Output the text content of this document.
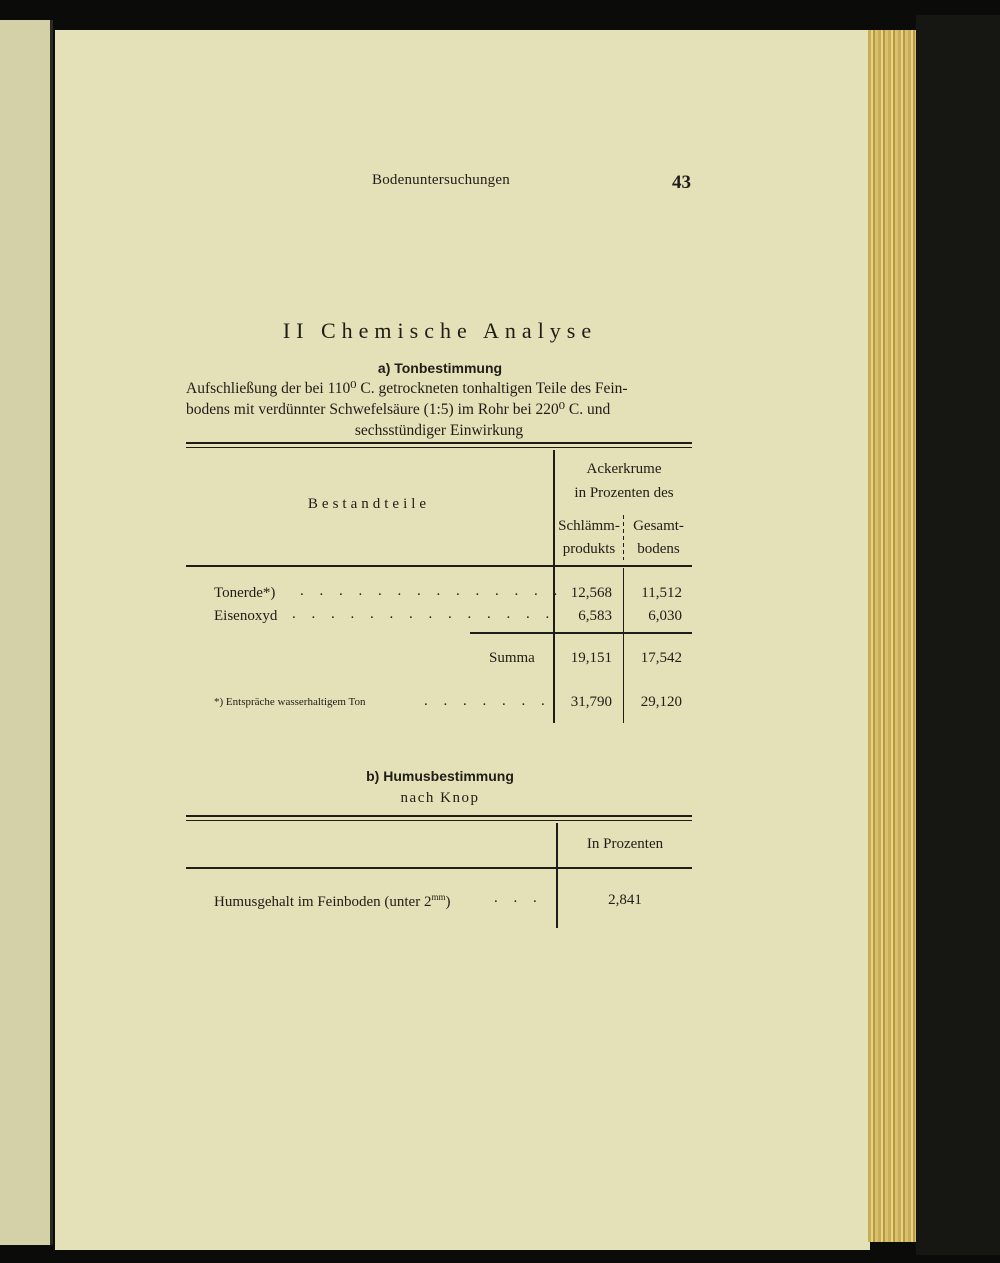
Bodenuntersuchungen	43
II Chemische Analyse
a) Tonbestimmung
Aufschließung der bei 110⁰ C. getrockneten tonhaltigen Teile des Fein-
bodens mit verdünnter Schwefelsäure (1:5) im Rohr bei 220⁰ C. und
sechsstündiger Einwirkung
Bestandteile
Ackerkrume
in Prozenten des
Schlämm-
produkts
Gesamt-
bodens
Tonerde*) . . . . . . . . . . . . . . 12,568	11,512
Eisenoxyd . . . . . . . . . . . . . .	6,583	6,030
Summa	19,151	17,542
*) Entspräche wasserhaltigem Ton	. . . . . . .	31,790	29,120
b) Humusbestimmung
nach Knop
In Prozenten
Humusgehalt im Feinboden (unter $2^{mm}$)	. . .	2,841
